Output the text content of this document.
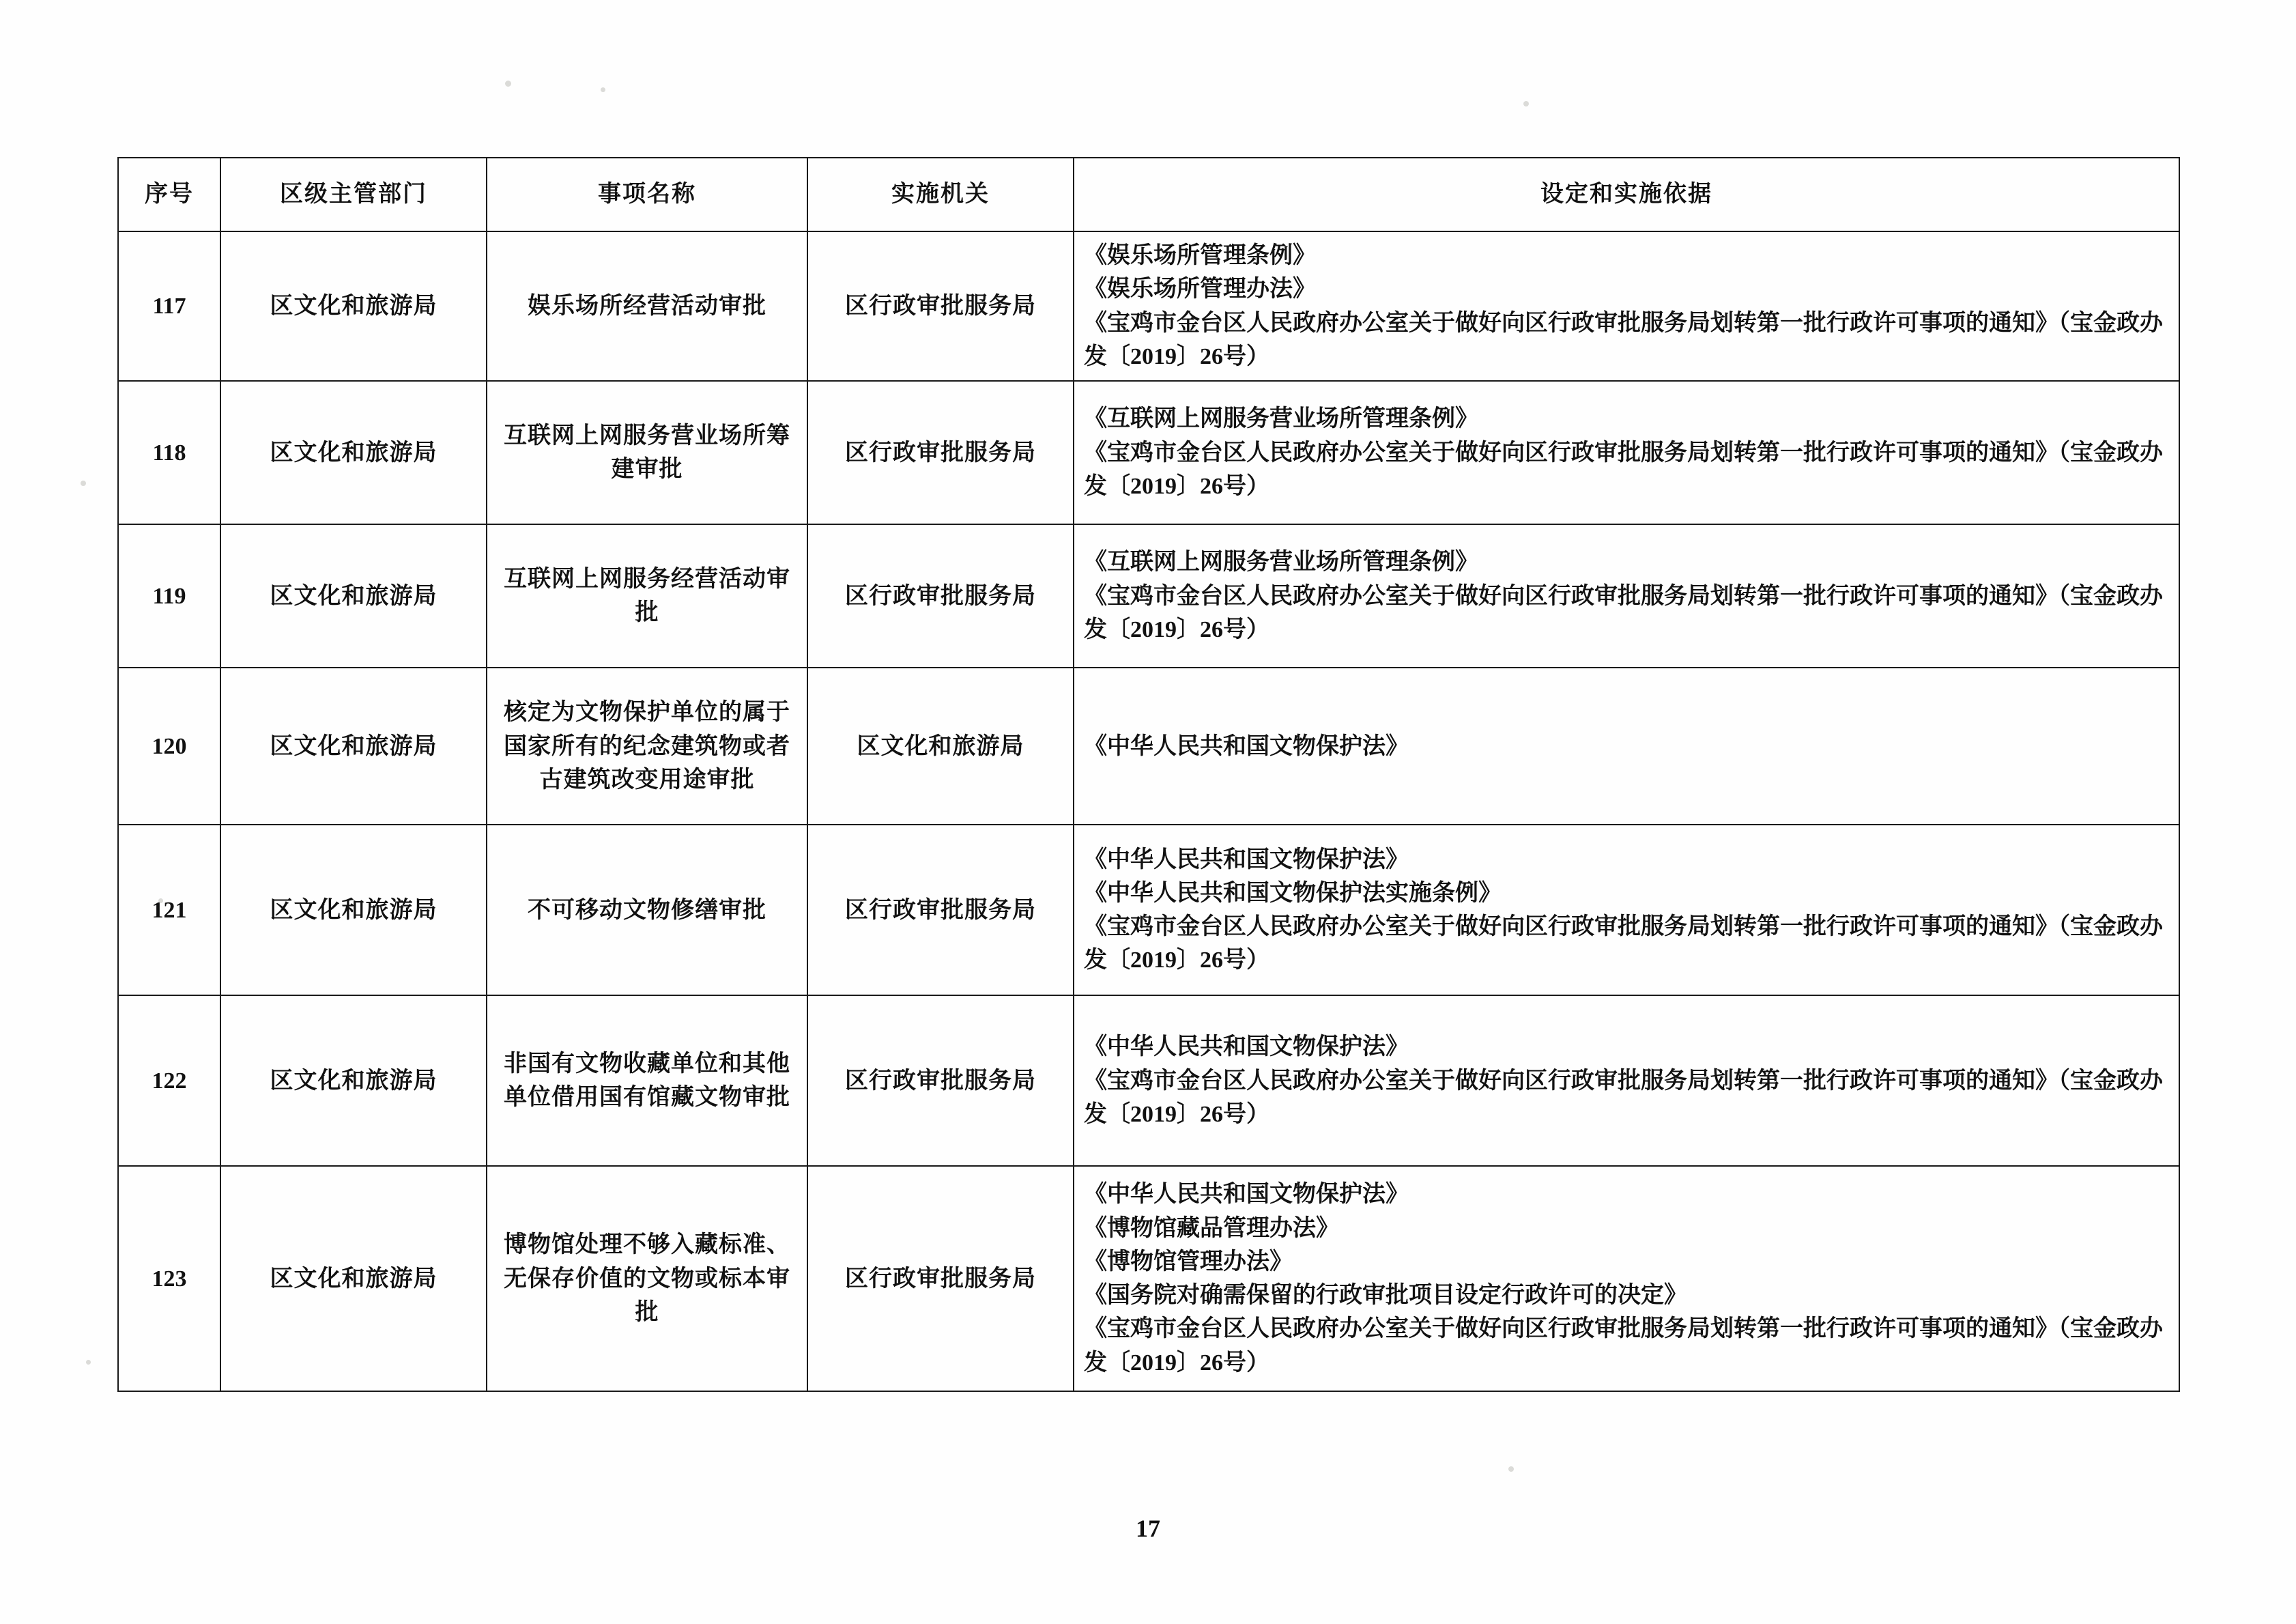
序号	区级主管部门	事项名称	实施机关	设定和实施依据
117	区文化和旅游局	娱乐场所经营活动审批	区行政审批服务局	《娱乐场所管理条例》
《娱乐场所管理办法》
《宝鸡市金台区人民政府办公室关于做好向区行政审批服务局划转第一批行政许可事项的通知》（宝金政办发〔2019〕26号）

118	区文化和旅游局	互联网上网服务营业场所筹建审批	区行政审批服务局	《互联网上网服务营业场所管理条例》
《宝鸡市金台区人民政府办公室关于做好向区行政审批服务局划转第一批行政许可事项的通知》（宝金政办发〔2019〕26号）

119	区文化和旅游局	互联网上网服务经营活动审批	区行政审批服务局	《互联网上网服务营业场所管理条例》
《宝鸡市金台区人民政府办公室关于做好向区行政审批服务局划转第一批行政许可事项的通知》（宝金政办发〔2019〕26号）

120	区文化和旅游局	核定为文物保护单位的属于国家所有的纪念建筑物或者古建筑改变用途审批	区文化和旅游局	《中华人民共和国文物保护法》

121	区文化和旅游局	不可移动文物修缮审批	区行政审批服务局	《中华人民共和国文物保护法》
《中华人民共和国文物保护法实施条例》
《宝鸡市金台区人民政府办公室关于做好向区行政审批服务局划转第一批行政许可事项的通知》（宝金政办发〔2019〕26号）

122	区文化和旅游局	非国有文物收藏单位和其他单位借用国有馆藏文物审批	区行政审批服务局	《中华人民共和国文物保护法》
《宝鸡市金台区人民政府办公室关于做好向区行政审批服务局划转第一批行政许可事项的通知》（宝金政办发〔2019〕26号）

123	区文化和旅游局	博物馆处理不够入藏标准、无保存价值的文物或标本审批	区行政审批服务局	《中华人民共和国文物保护法》
《博物馆藏品管理办法》
《博物馆管理办法》
《国务院对确需保留的行政审批项目设定行政许可的决定》
《宝鸡市金台区人民政府办公室关于做好向区行政审批服务局划转第一批行政许可事项的通知》（宝金政办发〔2019〕26号）
17
